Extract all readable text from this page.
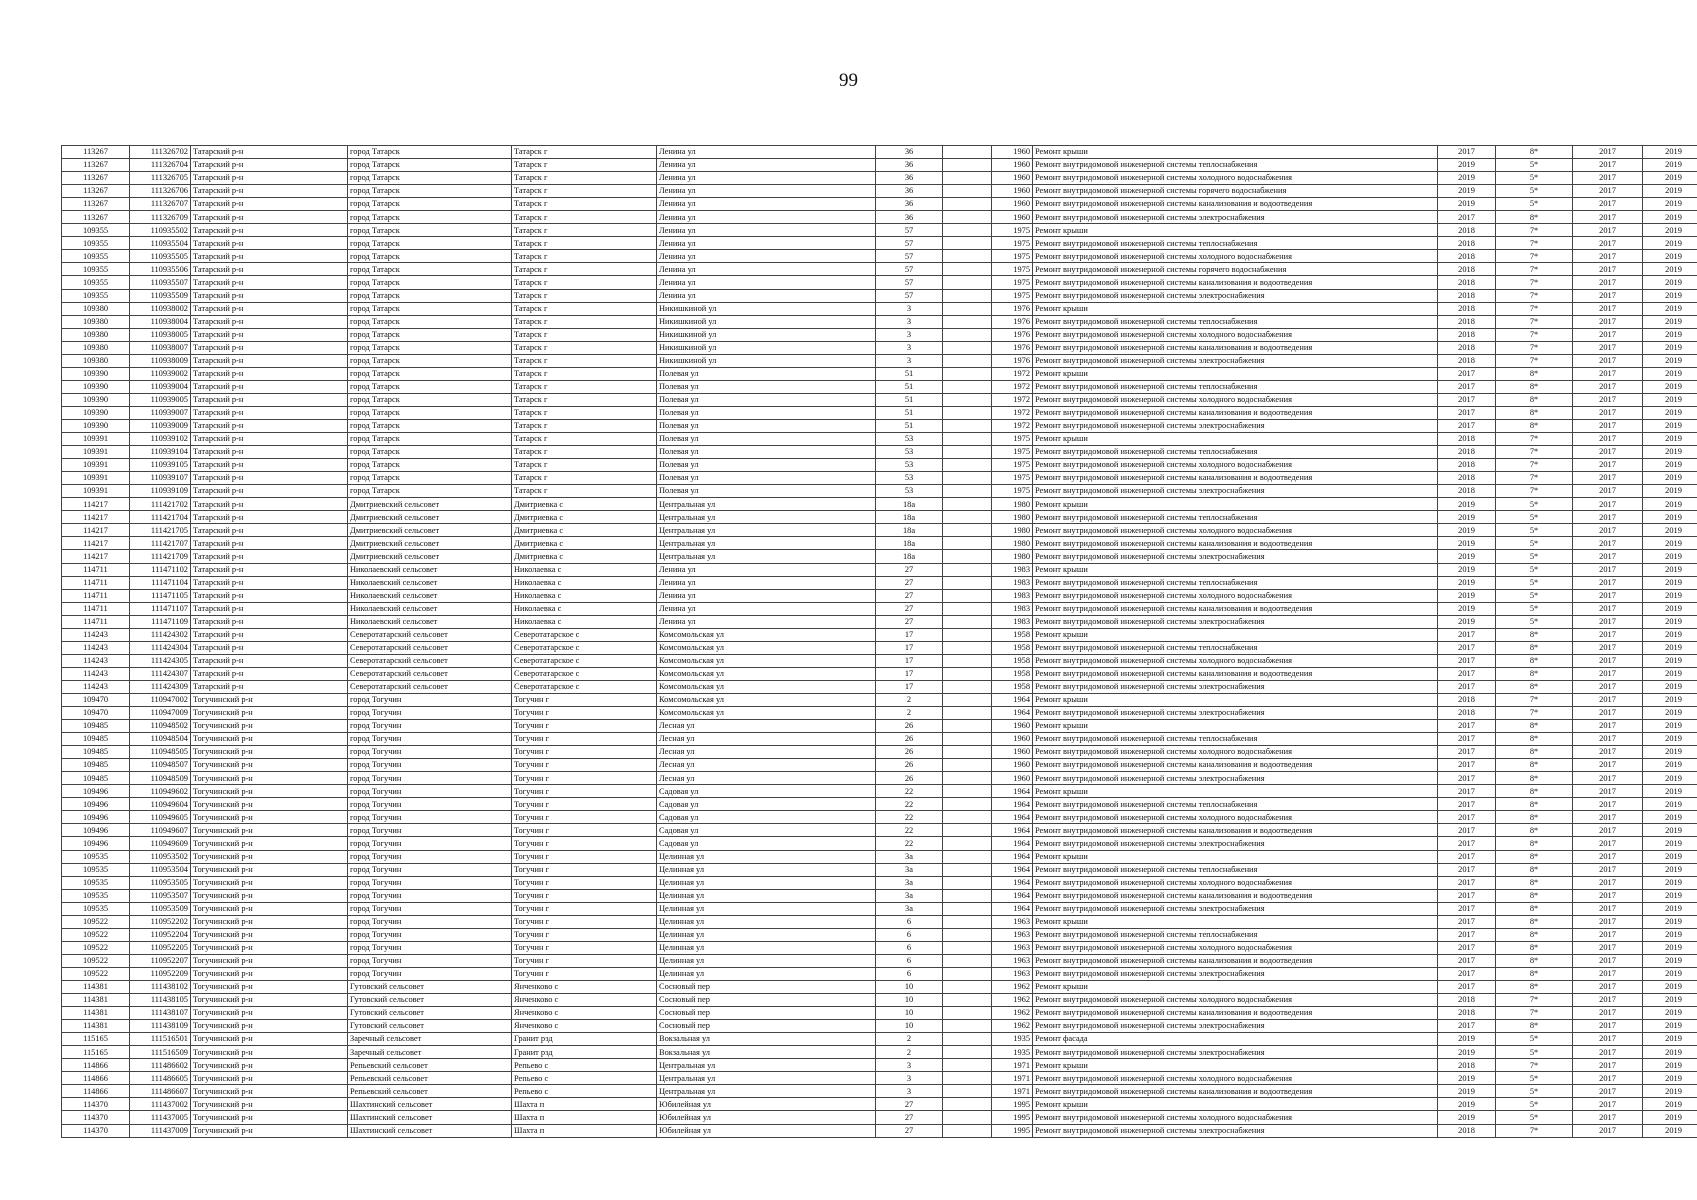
99
113267	111326702	Татарский р-н	город Татарск	Татарск г	Ленина ул	36		1960	Ремонт крыши	2017	8*	2017	2019
113267	111326704	Татарский р-н	город Татарск	Татарск г	Ленина ул	36		1960	Ремонт внутридомовой инженерной системы теплоснабжения	2019	5*	2017	2019
113267	111326705	Татарский р-н	город Татарск	Татарск г	Ленина ул	36		1960	Ремонт внутридомовой инженерной системы холодного водоснабжения	2019	5*	2017	2019
113267	111326706	Татарский р-н	город Татарск	Татарск г	Ленина ул	36		1960	Ремонт внутридомовой инженерной системы горячего водоснабжения	2019	5*	2017	2019
113267	111326707	Татарский р-н	город Татарск	Татарск г	Ленина ул	36		1960	Ремонт внутридомовой инженерной системы канализования и водоотведения	2019	5*	2017	2019
113267	111326709	Татарский р-н	город Татарск	Татарск г	Ленина ул	36		1960	Ремонт внутридомовой инженерной системы электроснабжения	2017	8*	2017	2019
109355	110935502	Татарский р-н	город Татарск	Татарск г	Ленина ул	57		1975	Ремонт крыши	2018	7*	2017	2019
109355	110935504	Татарский р-н	город Татарск	Татарск г	Ленина ул	57		1975	Ремонт внутридомовой инженерной системы теплоснабжения	2018	7*	2017	2019
109355	110935505	Татарский р-н	город Татарск	Татарск г	Ленина ул	57		1975	Ремонт внутридомовой инженерной системы холодного водоснабжения	2018	7*	2017	2019
109355	110935506	Татарский р-н	город Татарск	Татарск г	Ленина ул	57		1975	Ремонт внутридомовой инженерной системы горячего водоснабжения	2018	7*	2017	2019
109355	110935507	Татарский р-н	город Татарск	Татарск г	Ленина ул	57		1975	Ремонт внутридомовой инженерной системы канализования и водоотведения	2018	7*	2017	2019
109355	110935509	Татарский р-н	город Татарск	Татарск г	Ленина ул	57		1975	Ремонт внутридомовой инженерной системы электроснабжения	2018	7*	2017	2019
109380	110938002	Татарский р-н	город Татарск	Татарск г	Никишкиной ул	3		1976	Ремонт крыши	2018	7*	2017	2019
109380	110938004	Татарский р-н	город Татарск	Татарск г	Никишкиной ул	3		1976	Ремонт внутридомовой инженерной системы теплоснабжения	2018	7*	2017	2019
109380	110938005	Татарский р-н	город Татарск	Татарск г	Никишкиной ул	3		1976	Ремонт внутридомовой инженерной системы холодного водоснабжения	2018	7*	2017	2019
109380	110938007	Татарский р-н	город Татарск	Татарск г	Никишкиной ул	3		1976	Ремонт внутридомовой инженерной системы канализования и водоотведения	2018	7*	2017	2019
109380	110938009	Татарский р-н	город Татарск	Татарск г	Никишкиной ул	3		1976	Ремонт внутридомовой инженерной системы электроснабжения	2018	7*	2017	2019
109390	110939002	Татарский р-н	город Татарск	Татарск г	Полевая ул	51		1972	Ремонт крыши	2017	8*	2017	2019
109390	110939004	Татарский р-н	город Татарск	Татарск г	Полевая ул	51		1972	Ремонт внутридомовой инженерной системы теплоснабжения	2017	8*	2017	2019
109390	110939005	Татарский р-н	город Татарск	Татарск г	Полевая ул	51		1972	Ремонт внутридомовой инженерной системы холодного водоснабжения	2017	8*	2017	2019
109390	110939007	Татарский р-н	город Татарск	Татарск г	Полевая ул	51		1972	Ремонт внутридомовой инженерной системы канализования и водоотведения	2017	8*	2017	2019
109390	110939009	Татарский р-н	город Татарск	Татарск г	Полевая ул	51		1972	Ремонт внутридомовой инженерной системы электроснабжения	2017	8*	2017	2019
109391	110939102	Татарский р-н	город Татарск	Татарск г	Полевая ул	53		1975	Ремонт крыши	2018	7*	2017	2019
109391	110939104	Татарский р-н	город Татарск	Татарск г	Полевая ул	53		1975	Ремонт внутридомовой инженерной системы теплоснабжения	2018	7*	2017	2019
109391	110939105	Татарский р-н	город Татарск	Татарск г	Полевая ул	53		1975	Ремонт внутридомовой инженерной системы холодного водоснабжения	2018	7*	2017	2019
109391	110939107	Татарский р-н	город Татарск	Татарск г	Полевая ул	53		1975	Ремонт внутридомовой инженерной системы канализования и водоотведения	2018	7*	2017	2019
109391	110939109	Татарский р-н	город Татарск	Татарск г	Полевая ул	53		1975	Ремонт внутридомовой инженерной системы электроснабжения	2018	7*	2017	2019
114217	111421702	Татарский р-н	Дмитриевский сельсовет	Дмитриевка с	Центральная ул	18а		1980	Ремонт крыши	2019	5*	2017	2019
114217	111421704	Татарский р-н	Дмитриевский сельсовет	Дмитриевка с	Центральная ул	18а		1980	Ремонт внутридомовой инженерной системы теплоснабжения	2019	5*	2017	2019
114217	111421705	Татарский р-н	Дмитриевский сельсовет	Дмитриевка с	Центральная ул	18а		1980	Ремонт внутридомовой инженерной системы холодного водоснабжения	2019	5*	2017	2019
114217	111421707	Татарский р-н	Дмитриевский сельсовет	Дмитриевка с	Центральная ул	18а		1980	Ремонт внутридомовой инженерной системы канализования и водоотведения	2019	5*	2017	2019
114217	111421709	Татарский р-н	Дмитриевский сельсовет	Дмитриевка с	Центральная ул	18а		1980	Ремонт внутридомовой инженерной системы электроснабжения	2019	5*	2017	2019
114711	111471102	Татарский р-н	Николаевский сельсовет	Николаевка с	Ленина ул	27		1983	Ремонт крыши	2019	5*	2017	2019
114711	111471104	Татарский р-н	Николаевский сельсовет	Николаевка с	Ленина ул	27		1983	Ремонт внутридомовой инженерной системы теплоснабжения	2019	5*	2017	2019
114711	111471105	Татарский р-н	Николаевский сельсовет	Николаевка с	Ленина ул	27		1983	Ремонт внутридомовой инженерной системы холодного водоснабжения	2019	5*	2017	2019
114711	111471107	Татарский р-н	Николаевский сельсовет	Николаевка с	Ленина ул	27		1983	Ремонт внутридомовой инженерной системы канализования и водоотведения	2019	5*	2017	2019
114711	111471109	Татарский р-н	Николаевский сельсовет	Николаевка с	Ленина ул	27		1983	Ремонт внутридомовой инженерной системы электроснабжения	2019	5*	2017	2019
114243	111424302	Татарский р-н	Северотатарский сельсовет	Северотатарское с	Комсомольская ул	17		1958	Ремонт крыши	2017	8*	2017	2019
114243	111424304	Татарский р-н	Северотатарский сельсовет	Северотатарское с	Комсомольская ул	17		1958	Ремонт внутридомовой инженерной системы теплоснабжения	2017	8*	2017	2019
114243	111424305	Татарский р-н	Северотатарский сельсовет	Северотатарское с	Комсомольская ул	17		1958	Ремонт внутридомовой инженерной системы холодного водоснабжения	2017	8*	2017	2019
114243	111424307	Татарский р-н	Северотатарский сельсовет	Северотатарское с	Комсомольская ул	17		1958	Ремонт внутридомовой инженерной системы канализования и водоотведения	2017	8*	2017	2019
114243	111424309	Татарский р-н	Северотатарский сельсовет	Северотатарское с	Комсомольская ул	17		1958	Ремонт внутридомовой инженерной системы электроснабжения	2017	8*	2017	2019
109470	110947002	Тогучинский р-н	город Тогучин	Тогучин г	Комсомольская ул	2		1964	Ремонт крыши	2018	7*	2017	2019
109470	110947009	Тогучинский р-н	город Тогучин	Тогучин г	Комсомольская ул	2		1964	Ремонт внутридомовой инженерной системы электроснабжения	2018	7*	2017	2019
109485	110948502	Тогучинский р-н	город Тогучин	Тогучин г	Лесная ул	26		1960	Ремонт крыши	2017	8*	2017	2019
109485	110948504	Тогучинский р-н	город Тогучин	Тогучин г	Лесная ул	26		1960	Ремонт внутридомовой инженерной системы теплоснабжения	2017	8*	2017	2019
109485	110948505	Тогучинский р-н	город Тогучин	Тогучин г	Лесная ул	26		1960	Ремонт внутридомовой инженерной системы холодного водоснабжения	2017	8*	2017	2019
109485	110948507	Тогучинский р-н	город Тогучин	Тогучин г	Лесная ул	26		1960	Ремонт внутридомовой инженерной системы канализования и водоотведения	2017	8*	2017	2019
109485	110948509	Тогучинский р-н	город Тогучин	Тогучин г	Лесная ул	26		1960	Ремонт внутридомовой инженерной системы электроснабжения	2017	8*	2017	2019
109496	110949602	Тогучинский р-н	город Тогучин	Тогучин г	Садовая ул	22		1964	Ремонт крыши	2017	8*	2017	2019
109496	110949604	Тогучинский р-н	город Тогучин	Тогучин г	Садовая ул	22		1964	Ремонт внутридомовой инженерной системы теплоснабжения	2017	8*	2017	2019
109496	110949605	Тогучинский р-н	город Тогучин	Тогучин г	Садовая ул	22		1964	Ремонт внутридомовой инженерной системы холодного водоснабжения	2017	8*	2017	2019
109496	110949607	Тогучинский р-н	город Тогучин	Тогучин г	Садовая ул	22		1964	Ремонт внутридомовой инженерной системы канализования и водоотведения	2017	8*	2017	2019
109496	110949609	Тогучинский р-н	город Тогучин	Тогучин г	Садовая ул	22		1964	Ремонт внутридомовой инженерной системы электроснабжения	2017	8*	2017	2019
109535	110953502	Тогучинский р-н	город Тогучин	Тогучин г	Целинная ул	3а		1964	Ремонт крыши	2017	8*	2017	2019
109535	110953504	Тогучинский р-н	город Тогучин	Тогучин г	Целинная ул	3а		1964	Ремонт внутридомовой инженерной системы теплоснабжения	2017	8*	2017	2019
109535	110953505	Тогучинский р-н	город Тогучин	Тогучин г	Целинная ул	3а		1964	Ремонт внутридомовой инженерной системы холодного водоснабжения	2017	8*	2017	2019
109535	110953507	Тогучинский р-н	город Тогучин	Тогучин г	Целинная ул	3а		1964	Ремонт внутридомовой инженерной системы канализования и водоотведения	2017	8*	2017	2019
109535	110953509	Тогучинский р-н	город Тогучин	Тогучин г	Целинная ул	3а		1964	Ремонт внутридомовой инженерной системы электроснабжения	2017	8*	2017	2019
109522	110952202	Тогучинский р-н	город Тогучин	Тогучин г	Целинная ул	6		1963	Ремонт крыши	2017	8*	2017	2019
109522	110952204	Тогучинский р-н	город Тогучин	Тогучин г	Целинная ул	6		1963	Ремонт внутридомовой инженерной системы теплоснабжения	2017	8*	2017	2019
109522	110952205	Тогучинский р-н	город Тогучин	Тогучин г	Целинная ул	6		1963	Ремонт внутридомовой инженерной системы холодного водоснабжения	2017	8*	2017	2019
109522	110952207	Тогучинский р-н	город Тогучин	Тогучин г	Целинная ул	6		1963	Ремонт внутридомовой инженерной системы канализования и водоотведения	2017	8*	2017	2019
109522	110952209	Тогучинский р-н	город Тогучин	Тогучин г	Целинная ул	6		1963	Ремонт внутридомовой инженерной системы электроснабжения	2017	8*	2017	2019
114381	111438102	Тогучинский р-н	Гутовский сельсовет	Янченково с	Сосновый пер	10		1962	Ремонт крыши	2017	8*	2017	2019
114381	111438105	Тогучинский р-н	Гутовский сельсовет	Янченково с	Сосновый пер	10		1962	Ремонт внутридомовой инженерной системы холодного водоснабжения	2018	7*	2017	2019
114381	111438107	Тогучинский р-н	Гутовский сельсовет	Янченково с	Сосновый пер	10		1962	Ремонт внутридомовой инженерной системы канализования и водоотведения	2018	7*	2017	2019
114381	111438109	Тогучинский р-н	Гутовский сельсовет	Янченково с	Сосновый пер	10		1962	Ремонт внутридомовой инженерной системы электроснабжения	2017	8*	2017	2019
115165	111516501	Тогучинский р-н	Заречный сельсовет	Гранит рзд	Вокзальная ул	2		1935	Ремонт фасада	2019	5*	2017	2019
115165	111516509	Тогучинский р-н	Заречный сельсовет	Гранит рзд	Вокзальная ул	2		1935	Ремонт внутридомовой инженерной системы электроснабжения	2019	5*	2017	2019
114866	111486602	Тогучинский р-н	Репьевский сельсовет	Репьево с	Центральная ул	3		1971	Ремонт крыши	2018	7*	2017	2019
114866	111486605	Тогучинский р-н	Репьевский сельсовет	Репьево с	Центральная ул	3		1971	Ремонт внутридомовой инженерной системы холодного водоснабжения	2019	5*	2017	2019
114866	111486607	Тогучинский р-н	Репьевский сельсовет	Репьево с	Центральная ул	3		1971	Ремонт внутридомовой инженерной системы канализования и водоотведения	2019	5*	2017	2019
114370	111437002	Тогучинский р-н	Шахтинский сельсовет	Шахта п	Юбилейная ул	27		1995	Ремонт крыши	2019	5*	2017	2019
114370	111437005	Тогучинский р-н	Шахтинский сельсовет	Шахта п	Юбилейная ул	27		1995	Ремонт внутридомовой инженерной системы холодного водоснабжения	2019	5*	2017	2019
114370	111437009	Тогучинский р-н	Шахтинский сельсовет	Шахта п	Юбилейная ул	27		1995	Ремонт внутридомовой инженерной системы электроснабжения	2018	7*	2017	2019
